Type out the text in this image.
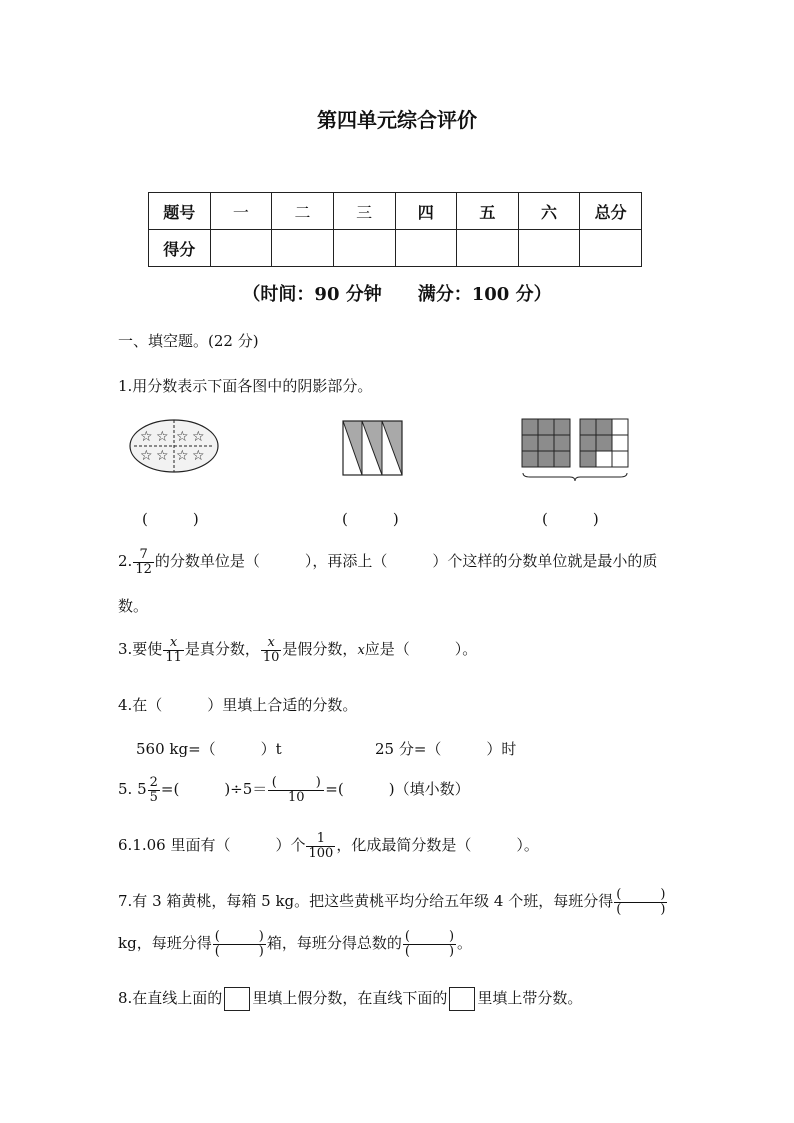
第四单元综合评价
题号	一	二	三	四	五	六	总分
得分							
（时间：90 分钟　　满分：100 分）
一、填空题。(22 分)
1.用分数表示下面各图中的阴影部分。
☆ ☆ ☆ ☆
☆ ☆ ☆ ☆
(　　　)	(　　　)	(　　　)
2. $\frac{7}{12}$ 的分数单位是（　　　），再添上（　　　）个这样的分数单位就是最小的质
数。
3.要使 $\frac{x}{11}$ 是真分数， $\frac{x}{10}$ 是假分数，x应是（　　　）。
4.在（　　　）里填上合适的分数。
560 kg=（　　　）t	25 分=（　　　）时
5. $5 \frac{2}{5}$ =(　　　)$\div 5= \frac{( )}{10}$ =(　　　)（填小数）
6.1.06 里面有（　　　）个 $\frac{1}{100}$ ，化成最简分数是（　　　）。
7.有 3 箱黄桃，每箱 5 kg。把这些黄桃平均分给五年级 4 个班，每班分得 $\frac{( )}{( )}$
kg，每班分得 $\frac{( )}{( )}$ 箱，每班分得总数的 $\frac{( )}{( )}$ 。
8.在直线上面的 里填上假分数，在直线下面的 里填上带分数。
